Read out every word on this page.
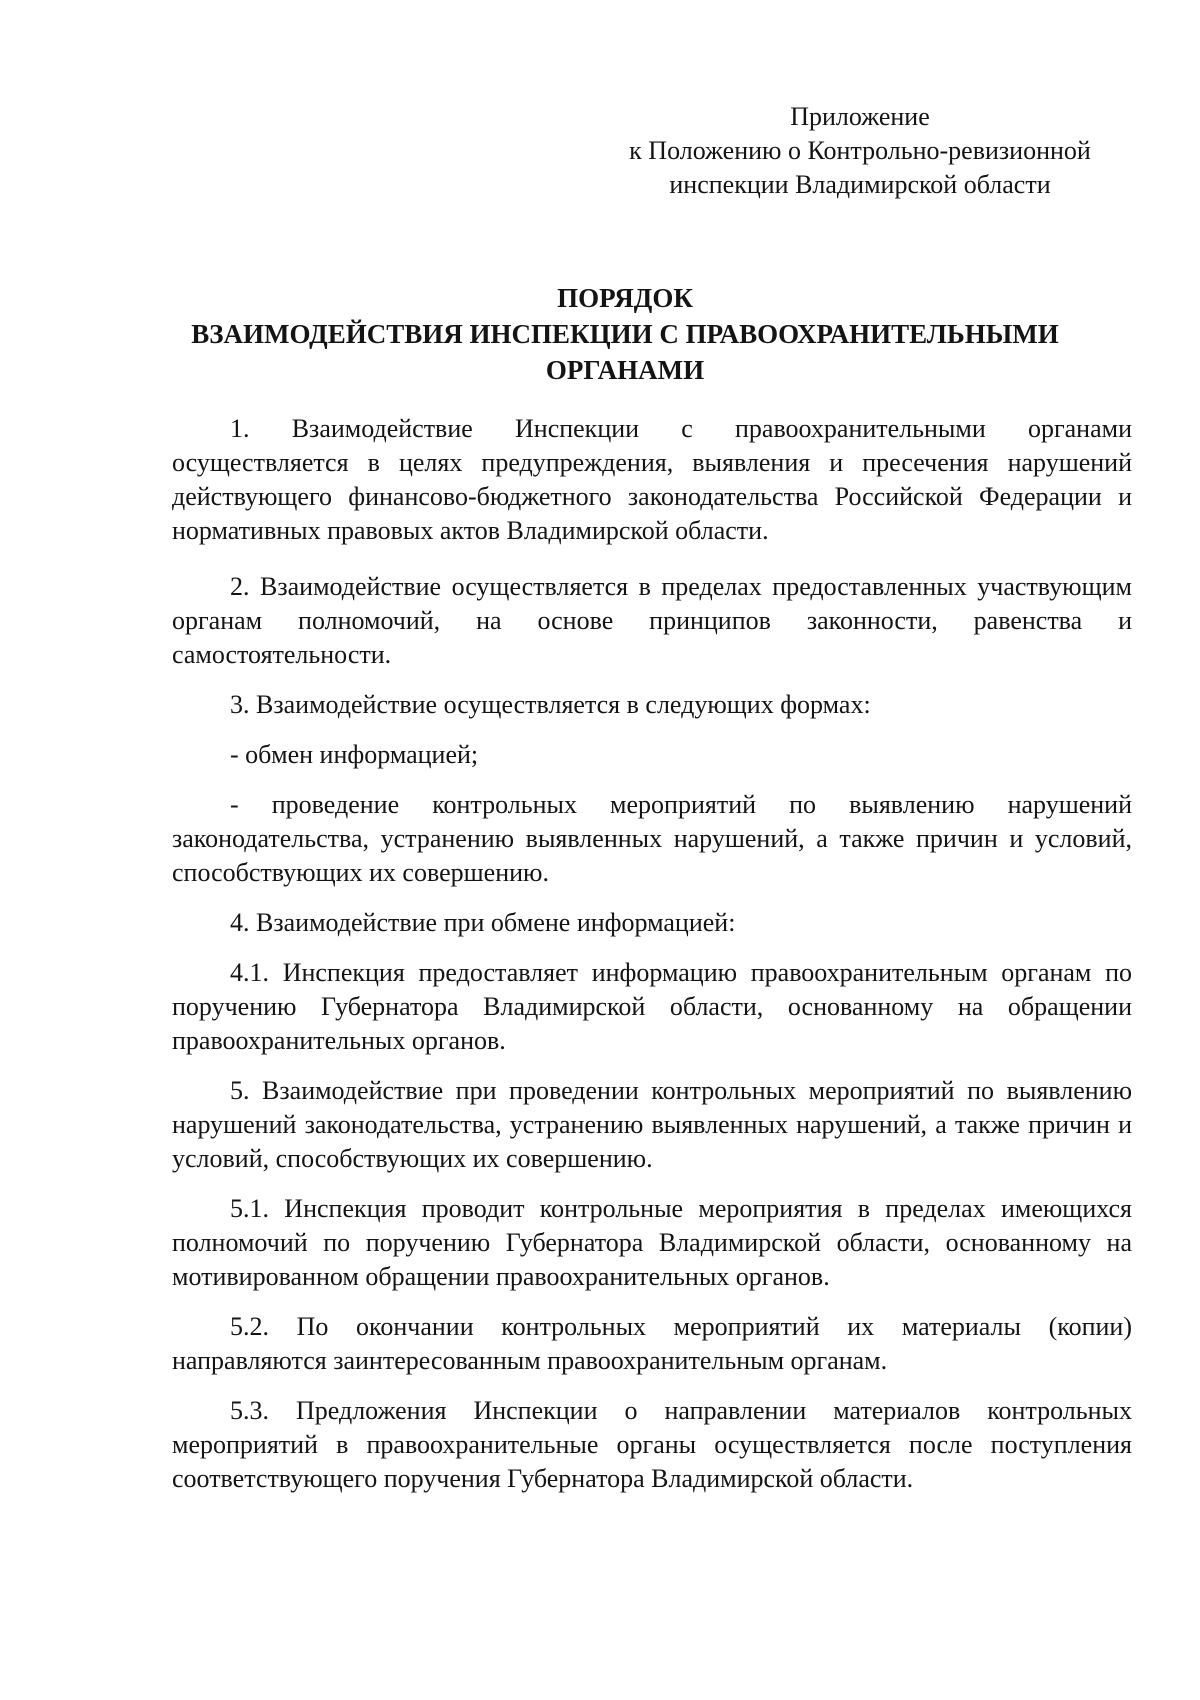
Приложение
к Положению о Контрольно-ревизионной
инспекции Владимирской области
ПОРЯДОК
ВЗАИМОДЕЙСТВИЯ ИНСПЕКЦИИ С ПРАВООХРАНИТЕЛЬНЫМИ
ОРГАНАМИ

1. Взаимодействие Инспекции с правоохранительными органами осуществляется в целях предупреждения, выявления и пресечения нарушений действующего финансово-бюджетного законодательства Российской Федерации и нормативных правовых актов Владимирской области.

2. Взаимодействие осуществляется в пределах предоставленных участвующим органам полномочий, на основе принципов законности, равенства и самостоятельности.

3. Взаимодействие осуществляется в следующих формах:

- обмен информацией;

- проведение контрольных мероприятий по выявлению нарушений законодательства, устранению выявленных нарушений, а также причин и условий, способствующих их совершению.

4. Взаимодействие при обмене информацией:

4.1. Инспекция предоставляет информацию правоохранительным органам по поручению Губернатора Владимирской области, основанному на обращении правоохранительных органов.

5. Взаимодействие при проведении контрольных мероприятий по выявлению нарушений законодательства, устранению выявленных нарушений, а также причин и условий, способствующих их совершению.

5.1. Инспекция проводит контрольные мероприятия в пределах имеющихся полномочий по поручению Губернатора Владимирской области, основанному на мотивированном обращении правоохранительных органов.

5.2. По окончании контрольных мероприятий их материалы (копии) направляются заинтересованным правоохранительным органам.

5.3. Предложения Инспекции о направлении материалов контрольных мероприятий в правоохранительные органы осуществляется после поступления соответствующего поручения Губернатора Владимирской области.
